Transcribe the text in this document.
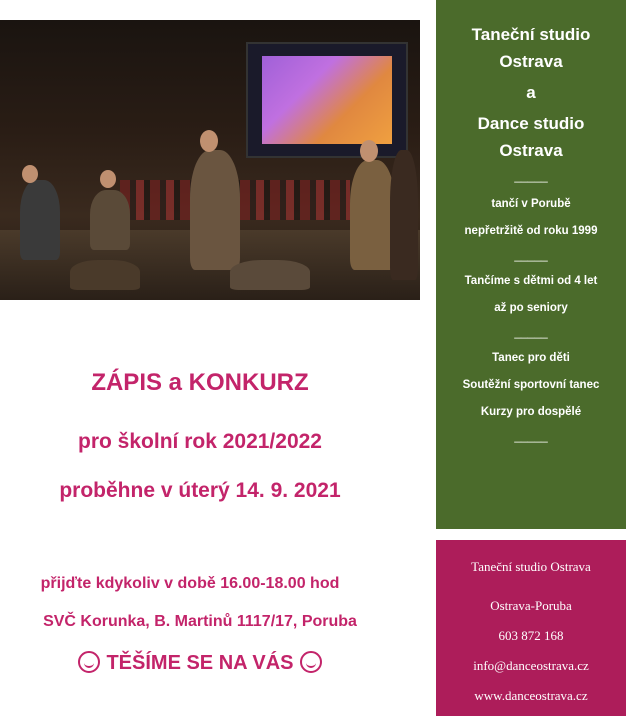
ZÁPIS a KONKURZ
pro školní rok 2021/2022
proběhne v úterý 14. 9. 2021
přijďte kdykoliv v době 16.00-18.00 hod
SVČ Korunka, B. Martinů 1117/17, Poruba
TĚŠÍME SE NA VÁS
Taneční studio
Ostrava
a
Dance studio
Ostrava
_____
tančí v Porubě
nepřetržitě od roku 1999
_____
Tančíme s dětmi od 4 let
až po seniory
_____
Tanec pro děti
Soutěžní sportovní tanec
Kurzy pro dospělé
_____
Taneční studio Ostrava
Ostrava-Poruba
603 872 168
info@danceostrava.cz
www.danceostrava.cz
